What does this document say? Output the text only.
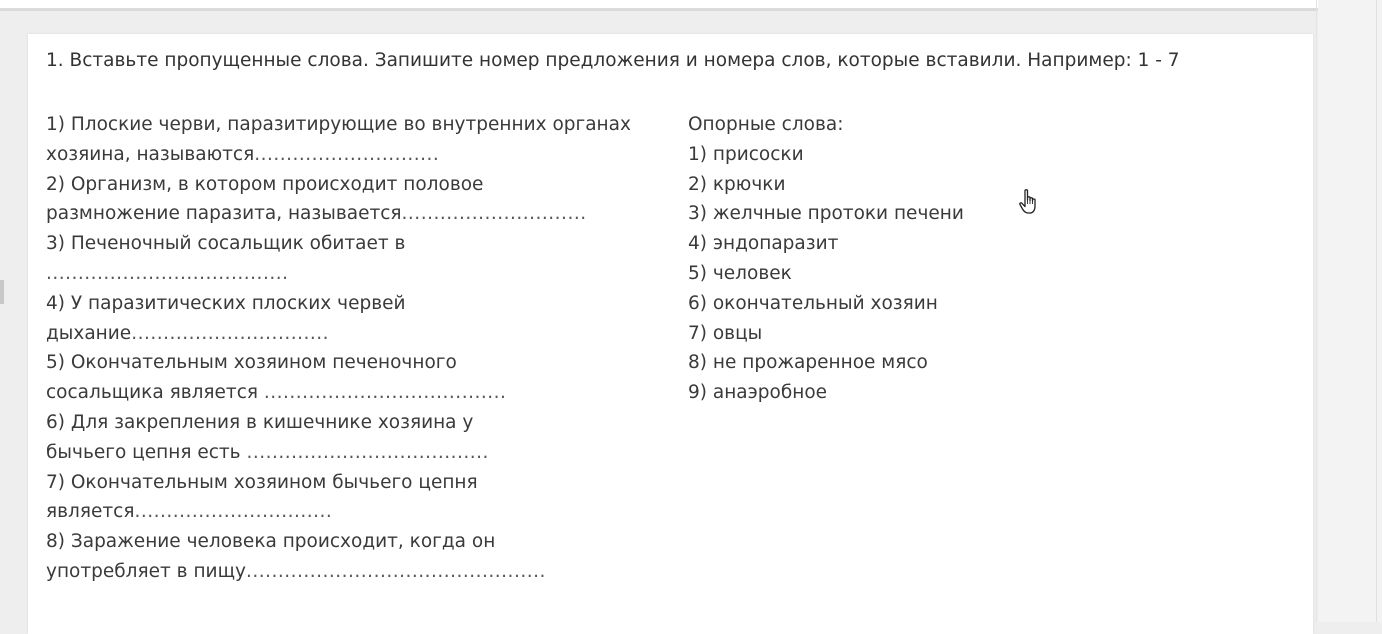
1. Вставьте пропущенные слова. Запишите номер предложения и номера слов, которые вставили. Например: 1 - 7
1) Плоские черви, паразитирующие во внутренних органах
хозяина, называются.............................
2) Организм, в котором происходит половое
размножение паразита, называется.............................
3) Печеночный сосальщик обитает в
......................................
4) У паразитических плоских червей
дыхание...............................
5) Окончательным хозяином печеночного
сосальщика является ......................................
6) Для закрепления в кишечнике хозяина у
бычьего цепня есть ......................................
7) Окончательным хозяином бычьего цепня
является...............................
8) Заражение человека происходит, когда он
употребляет в пищу...............................................
Опорные слова:
1) присоски
2) крючки
3) желчные протоки печени
4) эндопаразит
5) человек
6) окончательный хозяин
7) овцы
8) не прожаренное мясо
9) анаэробное
